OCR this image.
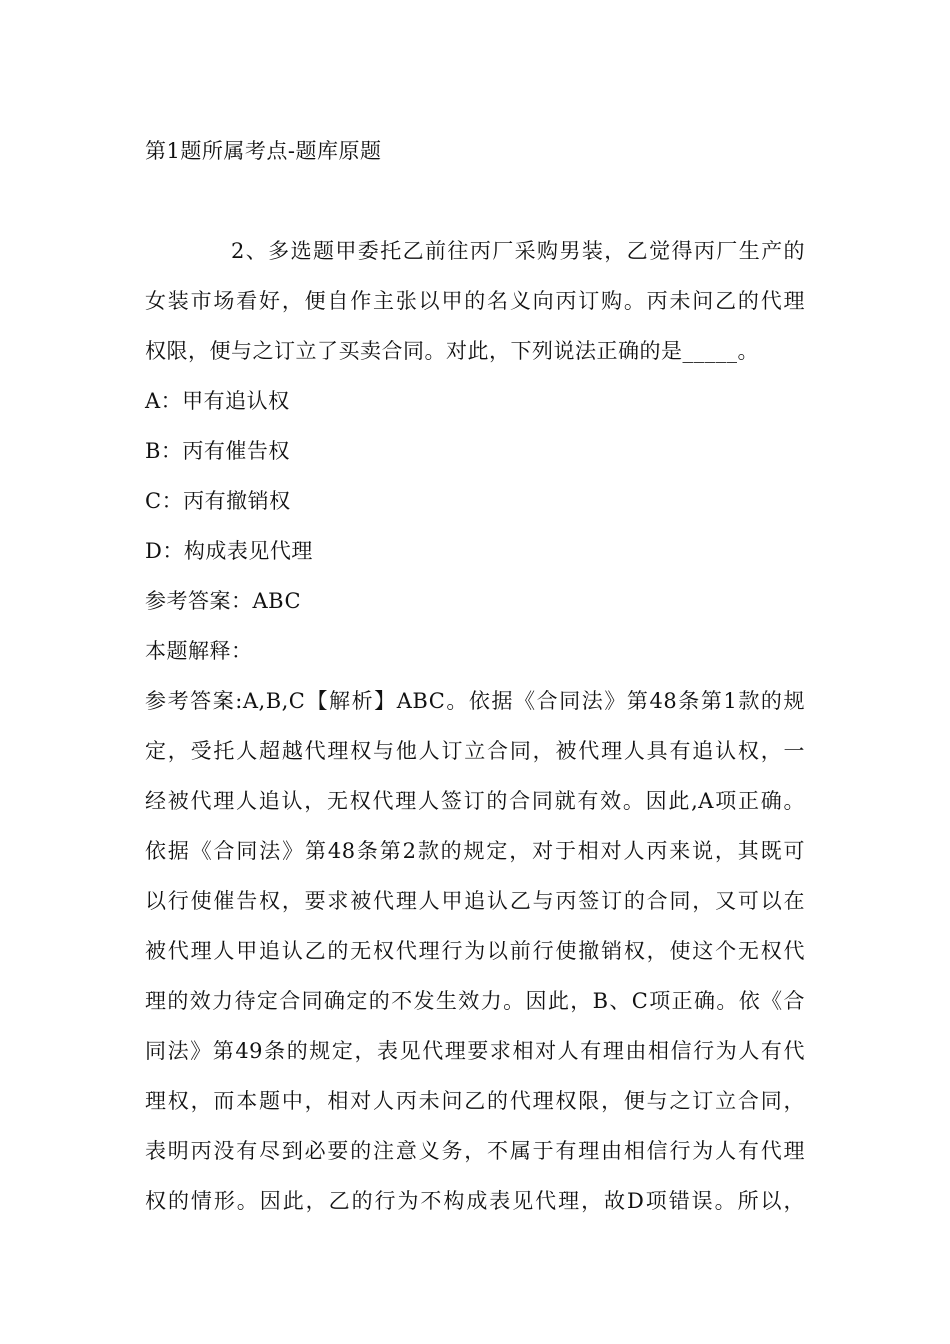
第1题所属考点-题库原题
2、多选题甲委托乙前往丙厂采购男装，乙觉得丙厂生产的
女装市场看好，便自作主张以甲的名义向丙订购。丙未问乙的代理
权限，便与之订立了买卖合同。对此，下列说法正确的是_____。
A：甲有追认权
B：丙有催告权
C：丙有撤销权
D：构成表见代理
参考答案：ABC
本题解释：
参考答案:A,B,C【解析】ABC。依据《合同法》第48条第1款的规
定，受托人超越代理权与他人订立合同，被代理人具有追认权，一
经被代理人追认，无权代理人签订的合同就有效。因此,A项正确。
依据《合同法》第48条第2款的规定，对于相对人丙来说，其既可
以行使催告权，要求被代理人甲追认乙与丙签订的合同，又可以在
被代理人甲追认乙的无权代理行为以前行使撤销权，使这个无权代
理的效力待定合同确定的不发生效力。因此，B、C项正确。依《合
同法》第49条的规定，表见代理要求相对人有理由相信行为人有代
理权，而本题中，相对人丙未问乙的代理权限，便与之订立合同，
表明丙没有尽到必要的注意义务，不属于有理由相信行为人有代理
权的情形。因此，乙的行为不构成表见代理，故D项错误。所以，
